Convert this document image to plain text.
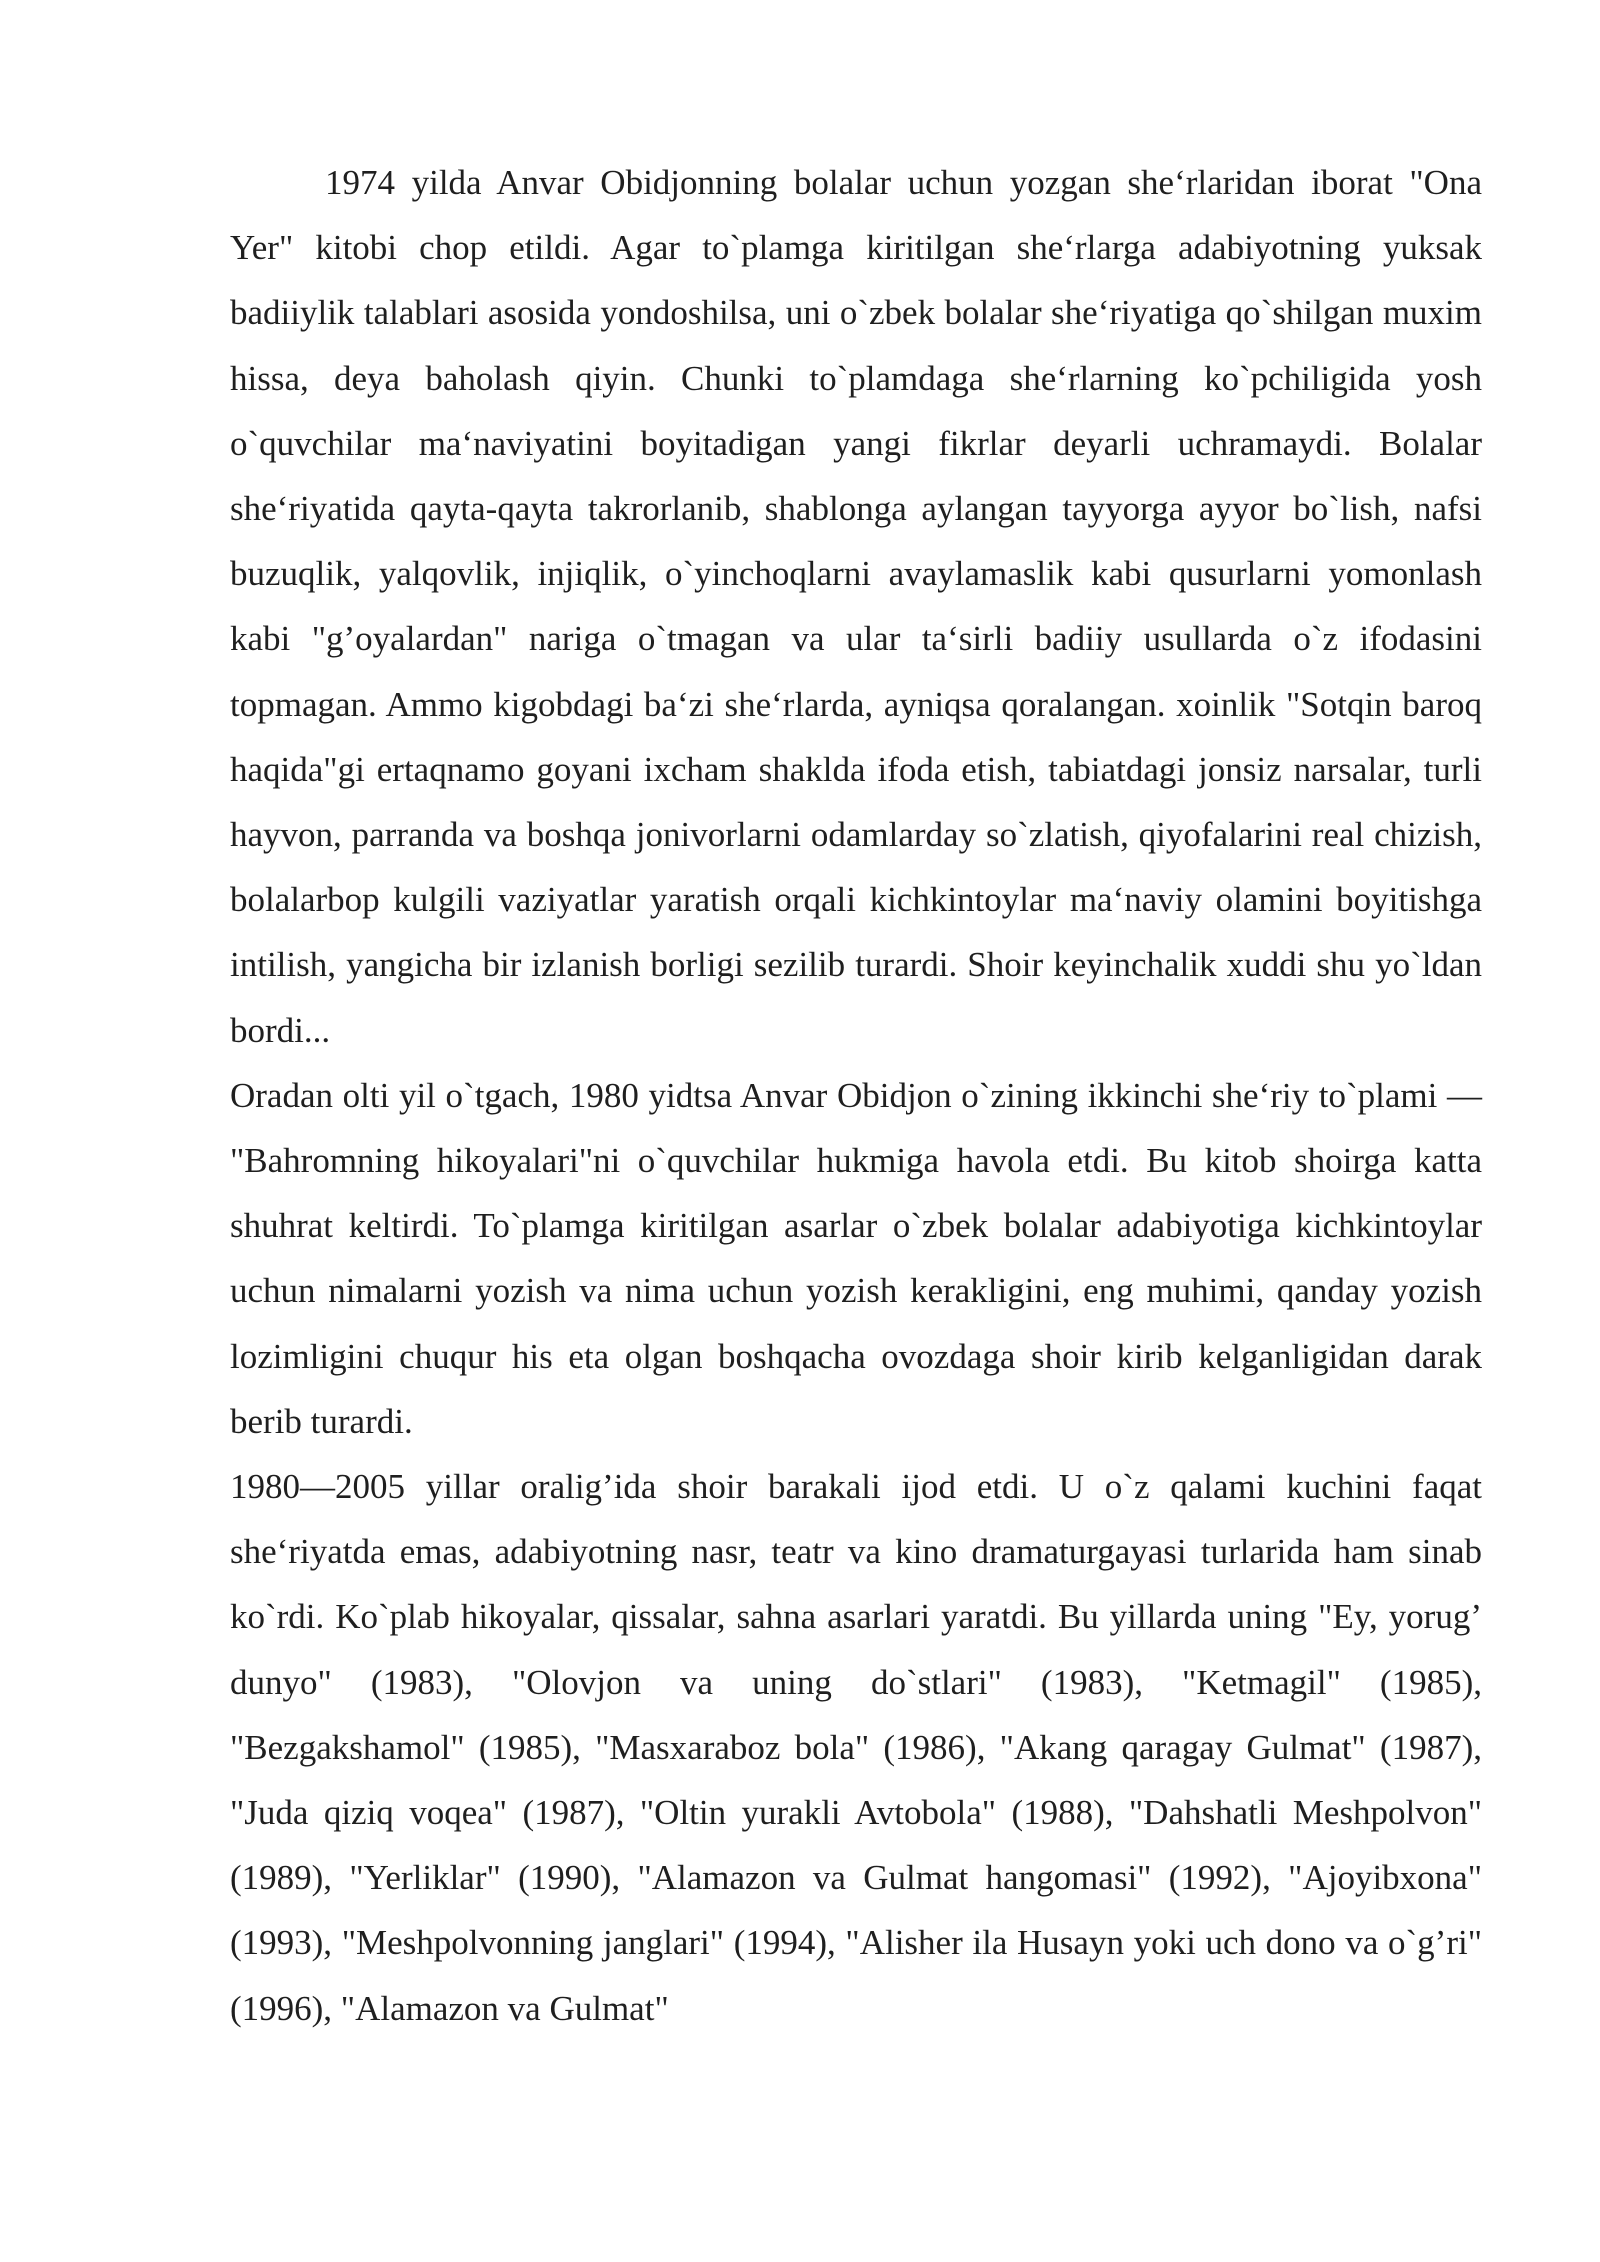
1974 yilda Anvar Obidjonning bolalar uchun yozgan she‘rlaridan iborat "Ona Yer" kitobi chop etildi. Agar to`plamga kiritilgan she‘rlarga adabiyotning yuksak badiiylik talablari asosida yondoshilsa, uni o`zbek bolalar she‘riyatiga qo`shilgan muxim hissa, deya baholash qiyin. Chunki to`plamdaga she‘rlarning ko`pchiligida yosh o`quvchilar ma‘naviyatini boyitadigan yangi fikrlar deyarli uchramaydi. Bolalar she‘riyatida qayta-qayta takrorlanib, shablonga aylangan tayyorga ayyor bo`lish, nafsi buzuqlik, yalqovlik, injiqlik, o`yinchoqlarni avaylamaslik kabi qusurlarni yomonlash kabi "g’oyalardan" nariga o`tmagan va ular ta‘sirli badiiy usullarda o`z ifodasini topmagan. Ammo kigobdagi ba‘zi she‘rlarda, ayniqsa qoralangan. xoinlik "Sotqin baroq haqida"gi ertaqnamo goyani ixcham shaklda ifoda etish, tabiatdagi jonsiz narsalar, turli hayvon, parranda va boshqa jonivorlarni odamlarday so`zlatish, qiyofalarini real chizish, bolalarbop kulgili vaziyatlar yaratish orqali kichkintoylar ma‘naviy olamini boyitishga intilish, yangicha bir izlanish borligi sezilib turardi. Shoir keyinchalik xuddi shu yo`ldan bordi...

Oradan olti yil o`tgach, 1980 yidtsa Anvar Obidjon o`zining ikkinchi she‘riy to`plami — "Bahromning hikoyalari"ni o`quvchilar hukmiga havola etdi. Bu kitob shoirga katta shuhrat keltirdi. To`plamga kiritilgan asarlar o`zbek bolalar adabiyotiga kichkintoylar uchun nimalarni yozish va nima uchun yozish kerakligini, eng muhimi, qanday yozish lozimligini chuqur his eta olgan boshqacha ovozdaga shoir kirib kelganligidan darak berib turardi.

1980—2005 yillar oralig’ida shoir barakali ijod etdi. U o`z qalami kuchini faqat she‘riyatda emas, adabiyotning nasr, teatr va kino dramaturgayasi turlarida ham sinab ko`rdi. Ko`plab hikoyalar, qissalar, sahna asarlari yaratdi. Bu yillarda uning "Ey, yorug’ dunyo" (1983), "Olovjon va uning do`stlari" (1983), "Ketmagil" (1985), "Bezgakshamol" (1985), "Masxaraboz bola" (1986), "Akang qaragay Gulmat" (1987), "Juda qiziq voqea" (1987), "Oltin yurakli Avtobola" (1988), "Dahshatli Meshpolvon" (1989), "Yerliklar" (1990), "Alamazon va Gulmat hangomasi" (1992), "Ajoyibxona" (1993), "Meshpolvonning janglari" (1994), "Alisher ila Husayn yoki uch dono va o`g’ri" (1996), "Alamazon va Gulmat"
